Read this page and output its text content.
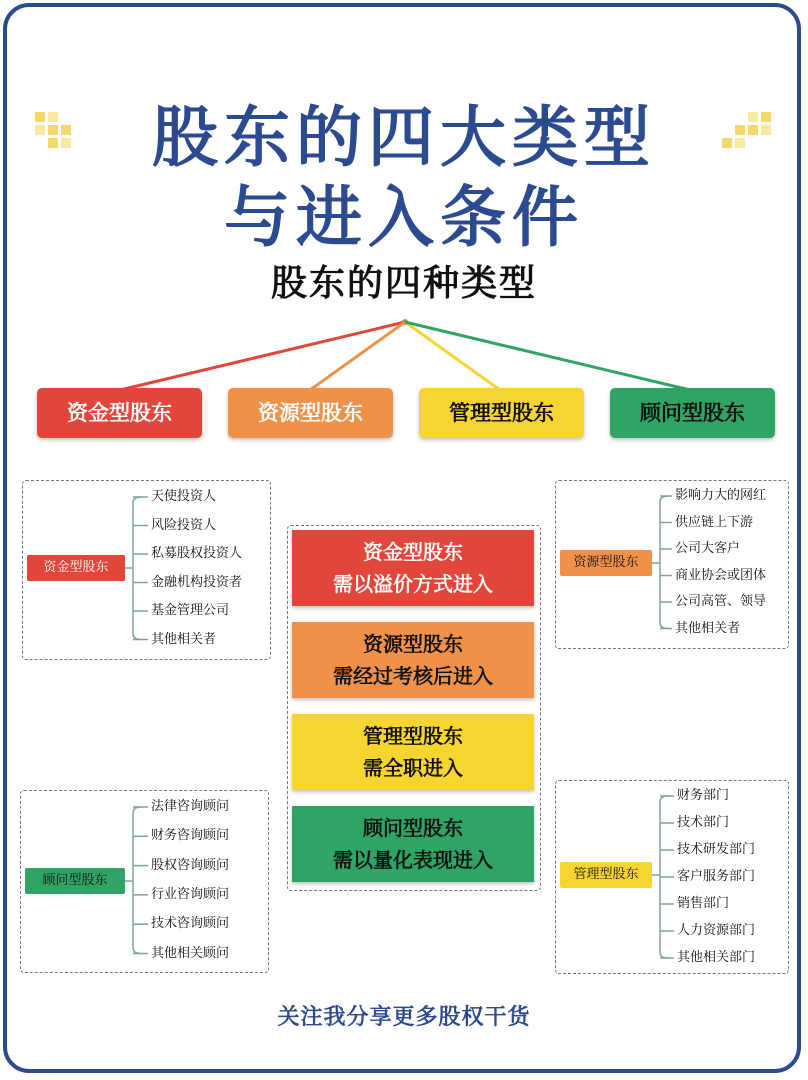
股东的四大类型
与进入条件
股东的四种类型
资金型股东	资源型股东	管理型股东	顾问型股东
资金型股东
天使投资人
风险投资人
私募股权投资人
金融机构投资者
基金管理公司
其他相关者
资源型股东
影响力大的网红
供应链上下游
公司大客户
商业协会或团体
公司高管、领导
其他相关者
顾问型股东
法律咨询顾问
财务咨询顾问
股权咨询顾问
行业咨询顾问
技术咨询顾问
其他相关顾问
管理型股东
财务部门
技术部门
技术研发部门
客户服务部门
销售部门
人力资源部门
其他相关部门
资金型股东
需以溢价方式进入
资源型股东
需经过考核后进入
管理型股东
需全职进入
顾问型股东
需以量化表现进入
关注我分享更多股权干货
